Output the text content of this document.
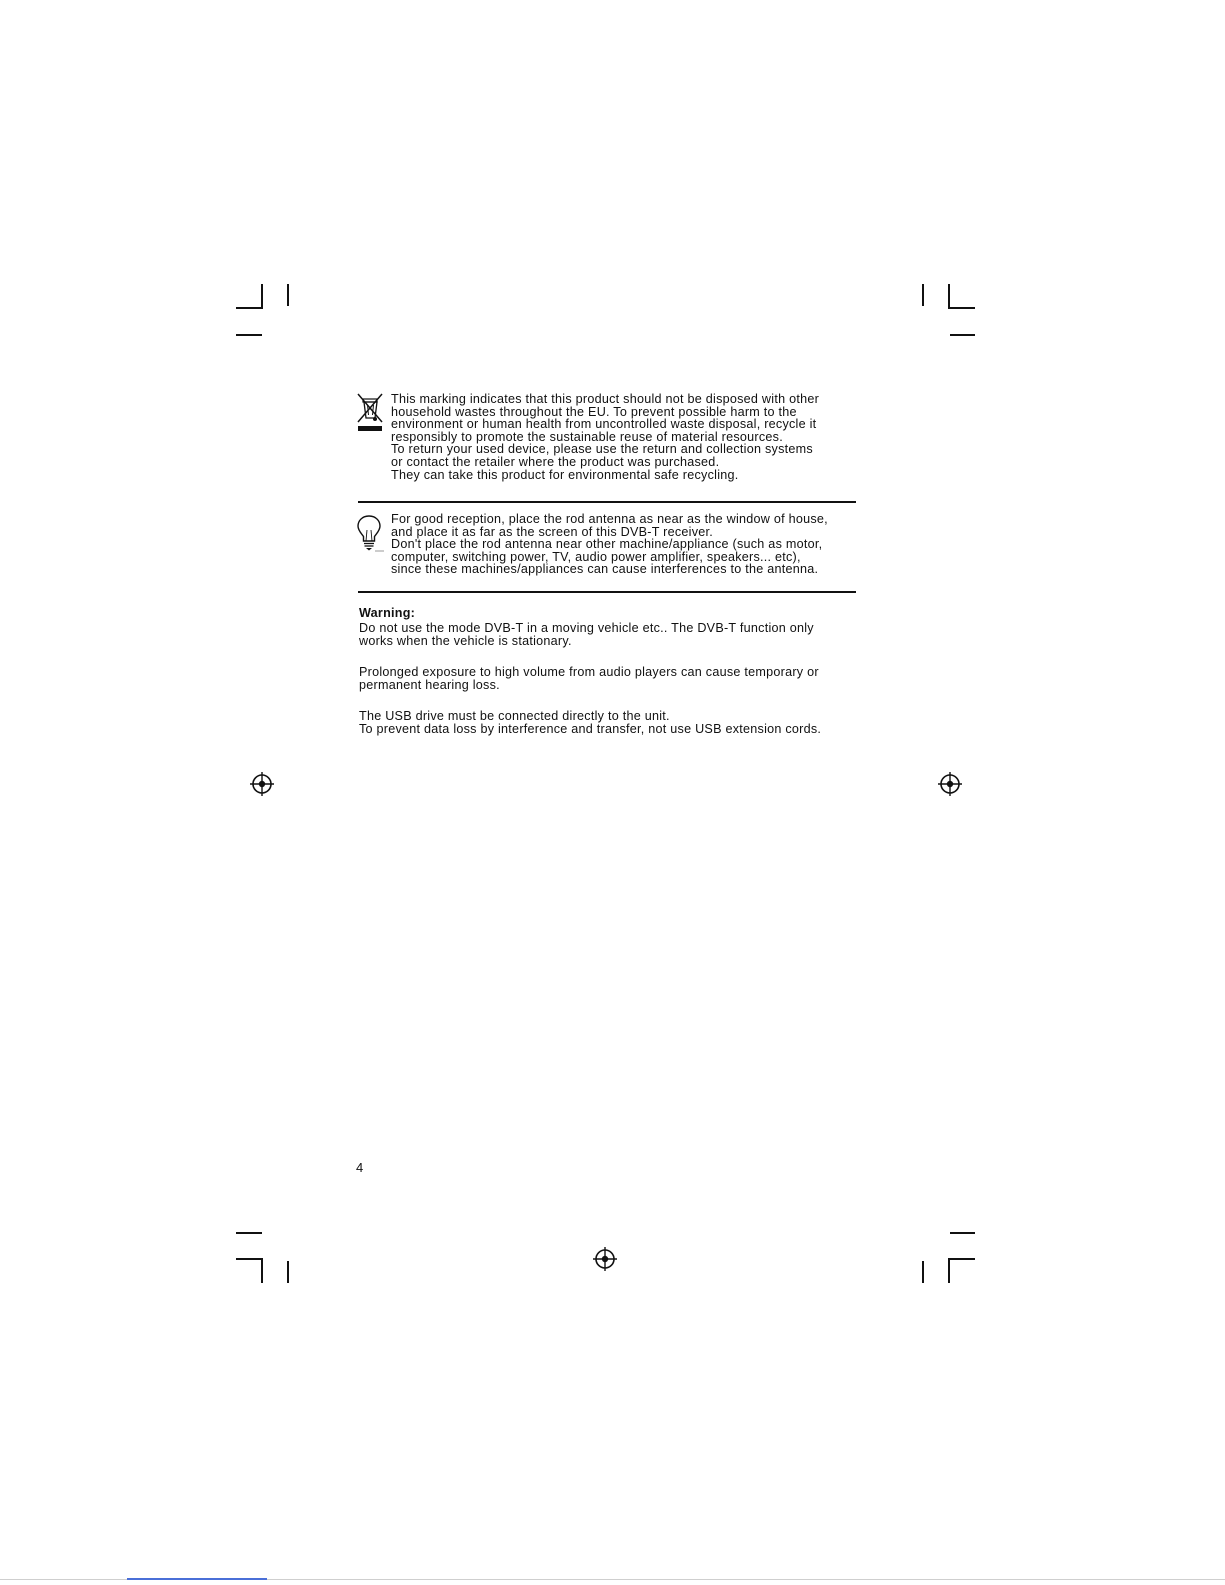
This marking indicates that this product should not be disposed with other
household wastes throughout the EU. To prevent possible harm to the
environment or human health from uncontrolled waste disposal, recycle it
responsibly to promote the sustainable reuse of material resources.
To return your used device, please use the return and collection systems
or contact the retailer where the product was purchased.
They can take this product for environmental safe recycling.
For good reception, place the rod antenna as near as the window of house,
and place it as far as the screen of this DVB-T receiver.
Don't place the rod antenna near other machine/appliance (such as motor,
computer, switching power, TV, audio power amplifier, speakers... etc),
since these machines/appliances can cause interferences to the antenna.
Warning:
Do not use the mode DVB-T in a moving vehicle etc.. The DVB-T function only
works when the vehicle is stationary.
Prolonged exposure to high volume from audio players can cause temporary or
permanent hearing loss.
The USB drive must be connected directly to the unit.
To prevent data loss by interference and transfer, not use USB extension cords.
4
